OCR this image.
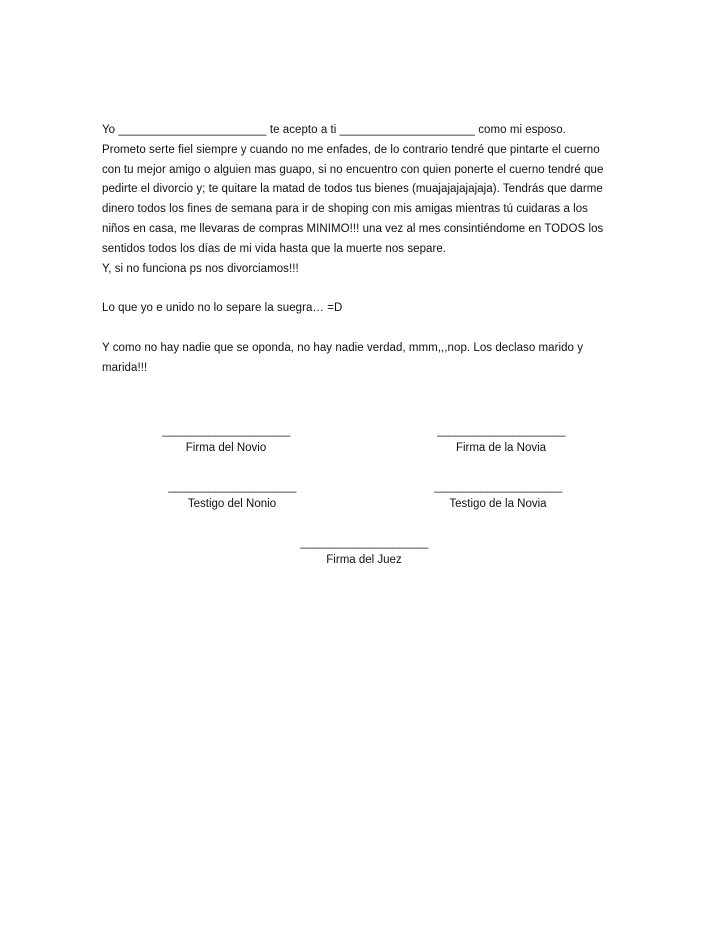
Yo _______________________ te acepto a ti _____________________ como mi esposo.

Prometo serte fiel siempre y cuando no me enfades, de lo contrario tendré que pintarte el cuerno

con tu mejor amigo o alguien mas guapo, si no encuentro con quien ponerte el cuerno tendré que

pedirte el divorcio y; te quitare la matad de todos tus bienes (muajajajajajaja). Tendrás que darme

dinero todos los fines de semana para ir de shoping con mis amigas mientras tú cuidaras a los

niños en casa, me llevaras de compras MINIMO!!! una vez al mes consintiéndome en TODOS los

sentidos todos los días de mi vida hasta que la muerte nos separe.

Y, si no funciona ps nos divorciamos!!!

Lo que yo e unido no lo separe la suegra… =D

Y como no hay nadie que se oponda, no hay nadie verdad, mmm,,,nop. Los declaso marido y

marida!!!

______________________
Firma del Novio
______________________
Firma de la Novia
______________________
Testigo del Nonio
______________________
Testigo de la Novia
______________________
Firma del Juez
